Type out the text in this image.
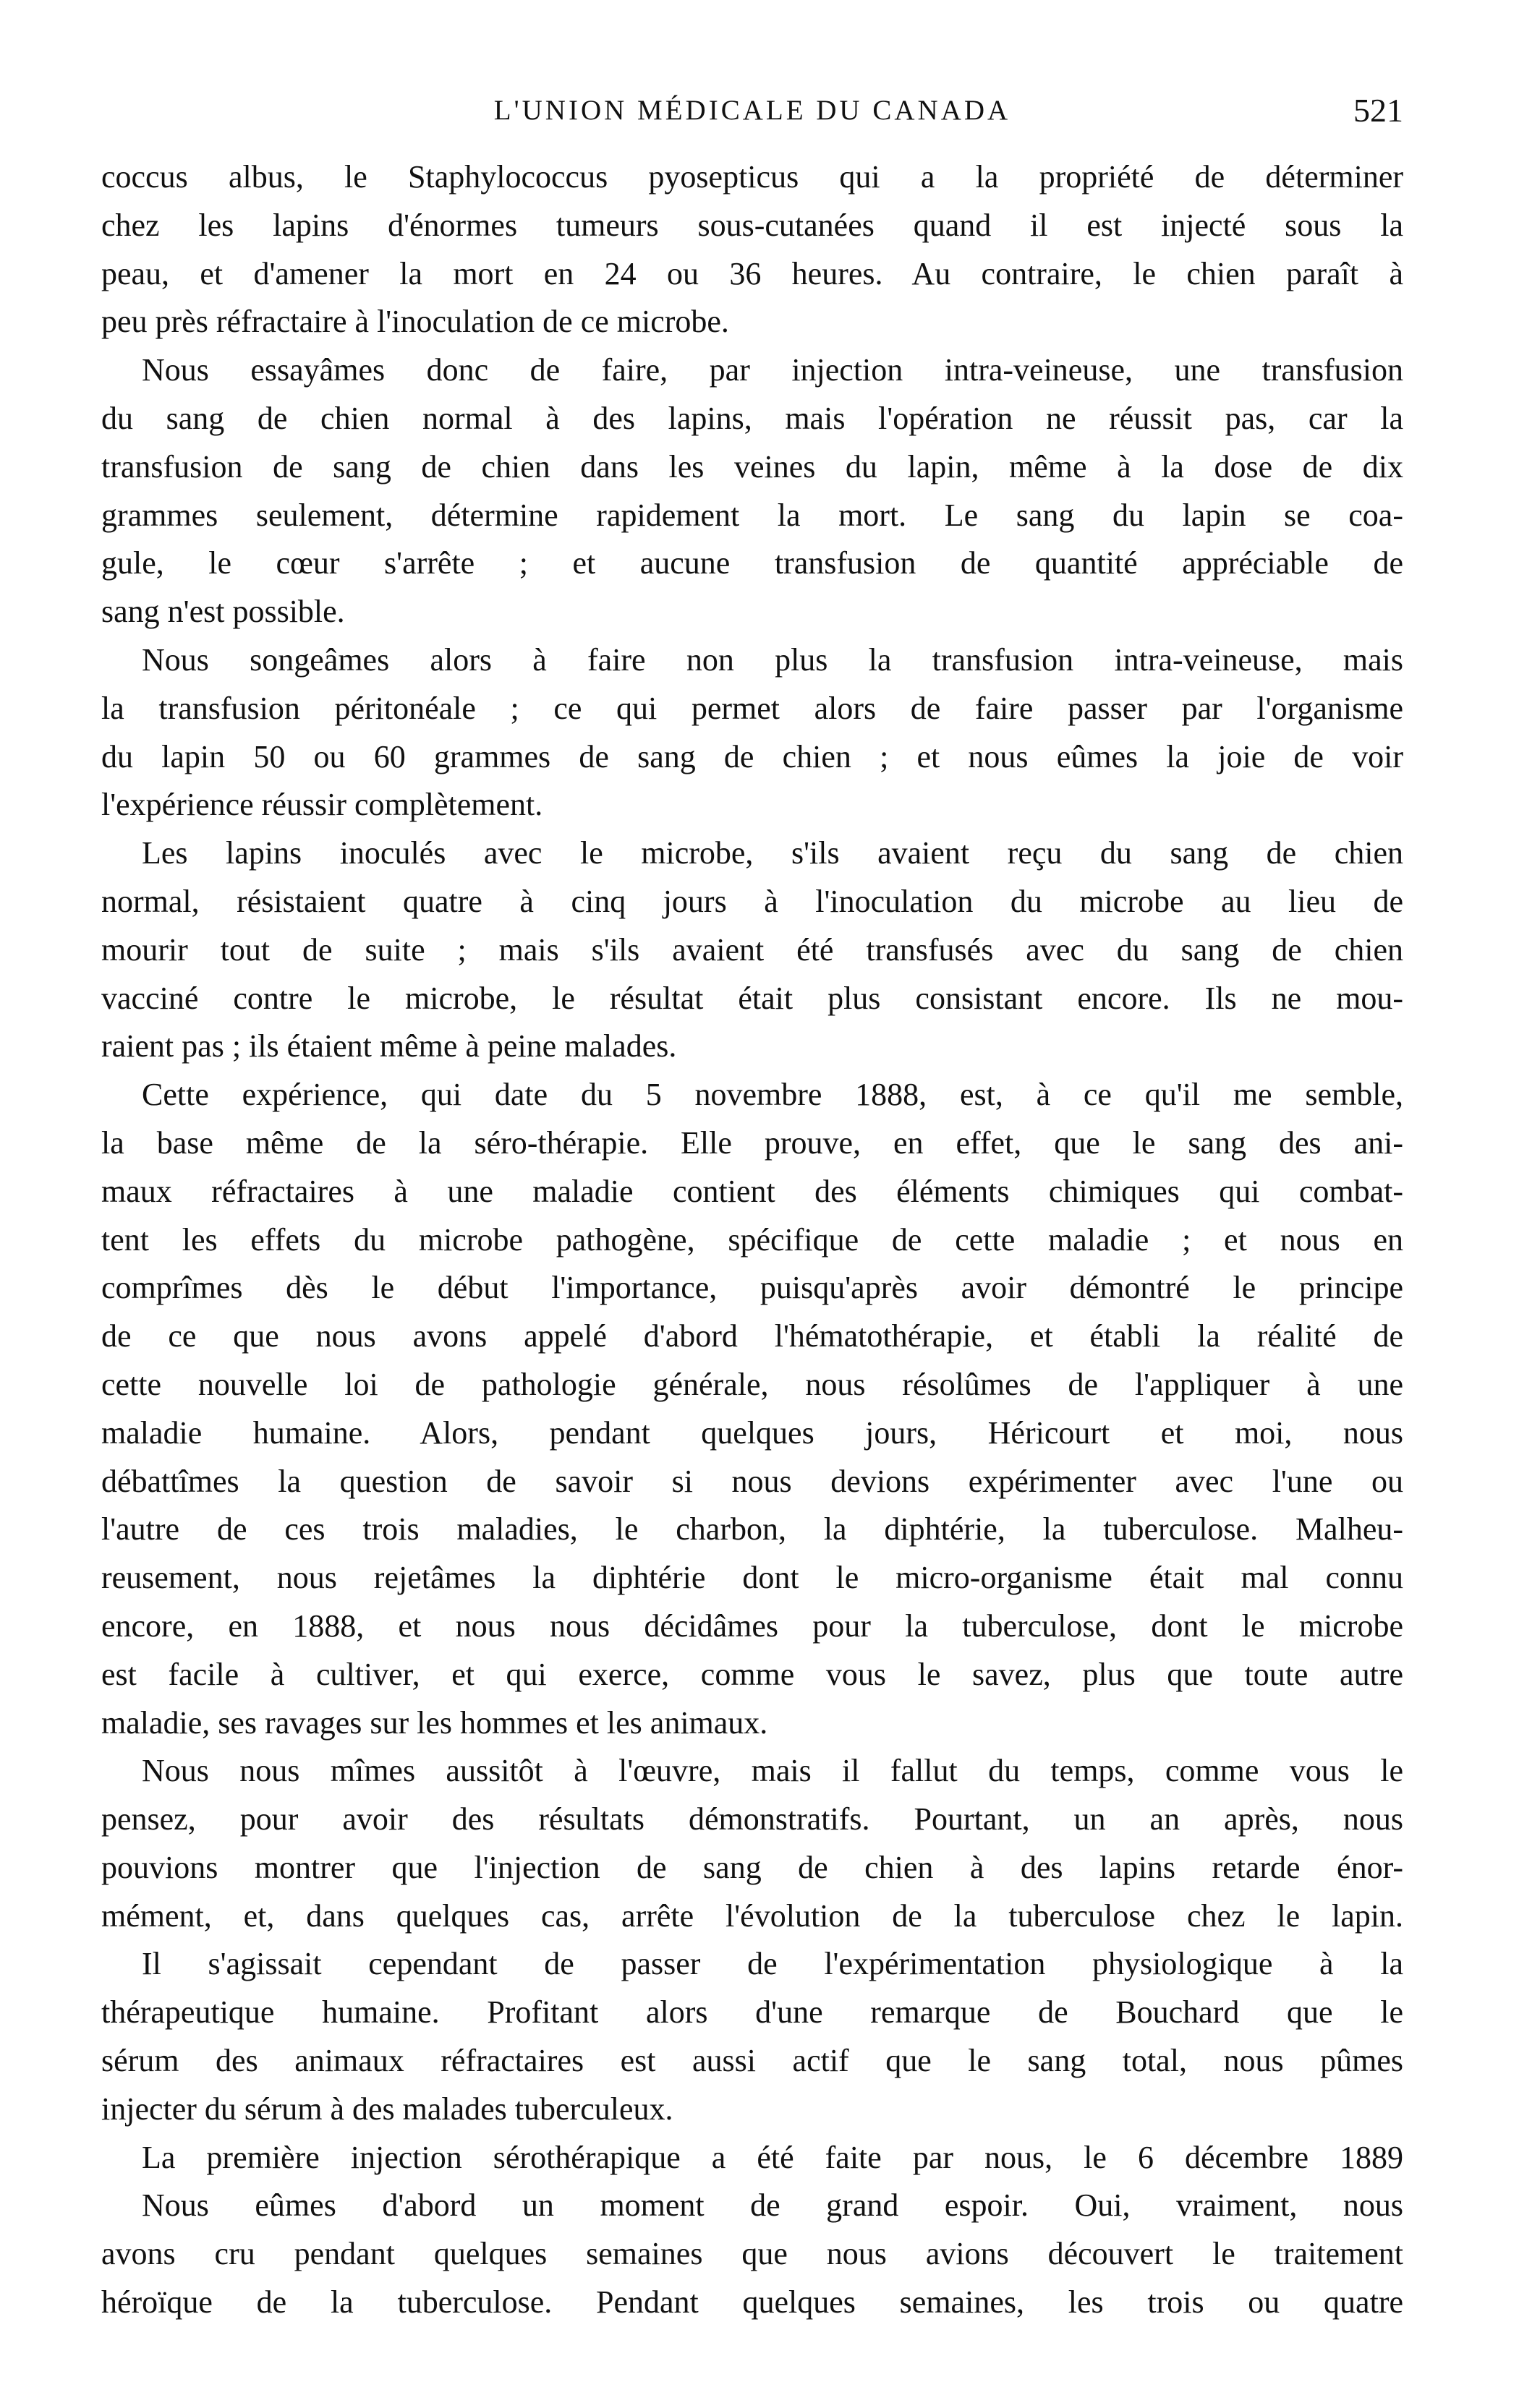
L'UNION MÉDICALE DU CANADA	521
coccus albus, le Staphylococcus pyosepticus qui a la propriété de déterminer
chez les lapins d'énormes tumeurs sous-cutanées quand il est injecté sous la
peau, et d'amener la mort en 24 ou 36 heures. Au contraire, le chien paraît à
peu près réfractaire à l'inoculation de ce microbe.
Nous essayâmes donc de faire, par injection intra-veineuse, une transfusion
du sang de chien normal à des lapins, mais l'opération ne réussit pas, car la
transfusion de sang de chien dans les veines du lapin, même à la dose de dix
grammes seulement, détermine rapidement la mort. Le sang du lapin se coa-
gule, le cœur s'arrête ; et aucune transfusion de quantité appréciable de
sang n'est possible.
Nous songeâmes alors à faire non plus la transfusion intra-veineuse, mais
la transfusion péritonéale ; ce qui permet alors de faire passer par l'organisme
du lapin 50 ou 60 grammes de sang de chien ; et nous eûmes la joie de voir
l'expérience réussir complètement.
Les lapins inoculés avec le microbe, s'ils avaient reçu du sang de chien
normal, résistaient quatre à cinq jours à l'inoculation du microbe au lieu de
mourir tout de suite ; mais s'ils avaient été transfusés avec du sang de chien
vacciné contre le microbe, le résultat était plus consistant encore. Ils ne mou-
raient pas ; ils étaient même à peine malades.
Cette expérience, qui date du 5 novembre 1888, est, à ce qu'il me semble,
la base même de la séro-thérapie. Elle prouve, en effet, que le sang des ani-
maux réfractaires à une maladie contient des éléments chimiques qui combat-
tent les effets du microbe pathogène, spécifique de cette maladie ; et nous en
comprîmes dès le début l'importance, puisqu'après avoir démontré le principe
de ce que nous avons appelé d'abord l'hématothérapie, et établi la réalité de
cette nouvelle loi de pathologie générale, nous résolûmes de l'appliquer à une
maladie humaine. Alors, pendant quelques jours, Héricourt et moi, nous
débattîmes la question de savoir si nous devions expérimenter avec l'une ou
l'autre de ces trois maladies, le charbon, la diphtérie, la tuberculose. Malheu-
reusement, nous rejetâmes la diphtérie dont le micro-organisme était mal connu
encore, en 1888, et nous nous décidâmes pour la tuberculose, dont le microbe
est facile à cultiver, et qui exerce, comme vous le savez, plus que toute autre
maladie, ses ravages sur les hommes et les animaux.
Nous nous mîmes aussitôt à l'œuvre, mais il fallut du temps, comme vous le
pensez, pour avoir des résultats démonstratifs. Pourtant, un an après, nous
pouvions montrer que l'injection de sang de chien à des lapins retarde énor-
mément, et, dans quelques cas, arrête l'évolution de la tuberculose chez le lapin.
Il s'agissait cependant de passer de l'expérimentation physiologique à la
thérapeutique humaine. Profitant alors d'une remarque de Bouchard que le
sérum des animaux réfractaires est aussi actif que le sang total, nous pûmes
injecter du sérum à des malades tuberculeux.
La première injection sérothérapique a été faite par nous, le 6 décembre 1889
Nous eûmes d'abord un moment de grand espoir. Oui, vraiment, nous
avons cru pendant quelques semaines que nous avions découvert le traitement
héroïque de la tuberculose. Pendant quelques semaines, les trois ou quatre
